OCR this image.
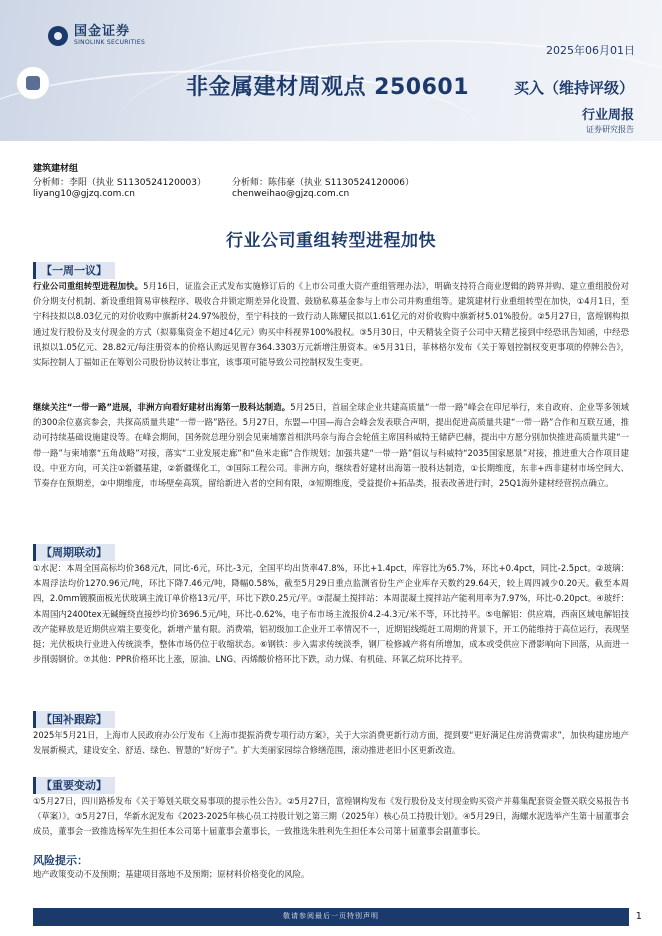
国金证券
SINOLINK SECURITIES
2025年06月01日
非金属建材周观点 250601	买入（维持评级）
行业周报
证券研究报告
建筑建材组
分析师：李阳（执业 S1130524120003）
liyang10@gjzq.com.cn
分析师：陈伟豪（执业 S1130524120006）
chenweihao@gjzq.com.cn
行业公司重组转型进程加快
【一周一议】
行业公司重组转型进程加快。5月16日，证监会正式发布实施修订后的《上市公司重大资产重组管理办法》，明确支持符合商业逻辑的跨界并购、建立重组股份对价分期支付机制、新设重组简易审核程序、吸收合并锁定期差异化设置、鼓励私募基金参与上市公司并购重组等。建筑建材行业重组转型在加快，①4月1日，至宁科技拟以8.03亿元的对价收购中旗新材24.97%股份，至宁科技的一致行动人陈耀民拟以1.61亿元的对价收购中旗新材5.01%股份。②5月27日，富煌钢构拟通过发行股份及支付现金的方式（拟募集资金不超过4亿元）购买中科视界100%股权。③5月30日，中天精装全资子公司中天精艺接到中经恐讯告知函，中经恐讯拟以1.05亿元、28.82元/每注册资本的价格认购远见智存364.3303万元新增注册资本。④5月31日，菲林格尔发布《关于筹划控制权变更事项的停牌公告》，实际控制人丁福如正在筹划公司股份协议转让事宜，该事项可能导致公司控制权发生变更。
继续关注“一带一路”进展，非洲方向看好建材出海第一股科达制造。5月25日，首届全球企业共建高质量“一带一路”峰会在印尼举行，来自政府、企业等多领域的300余位嘉宾参会，共探高质量共建“一带一路”路径。5月27日，东盟—中国—海合会峰会发表联合声明，提出促进高质量共建“一带一路”合作和互联互通，推动可持续基础设施建设等。在峰会期间，国务院总理分别会见柬埔寨首相洪玛奈与海合会轮值主席国科威特王储萨巴赫，提出中方愿分别加快推进高质量共建“一带一路”与柬埔寨“五角战略”对接，落实“工业发展走廊”和“鱼米走廊”合作规划；加强共建“一带一路”倡议与科威特“2035国家愿景”对接，推进重大合作项目建设。中亚方向，可关注①新疆基建，②新疆煤化工，③国际工程公司。非洲方向，继续看好建材出海第一股科达制造，①长期维度，东非+西非建材市场空间大、节奏存在预期差，②中期维度，市场壁垒高筑，留给新进入者的空间有限，③短期维度，受益提价+拓品类，报表改善进行时，25Q1海外建材经营拐点确立。
【周期联动】
①水泥：本周全国高标均价368元/t，同比-6元，环比-3元，全国平均出货率47.8%，环比+1.4pct，库容比为65.7%，环比+0.4pct，同比-2.5pct。②玻璃：本周浮法均价1270.96元/吨，环比下降7.46元/吨，降幅0.58%，截至5月29日重点监测省份生产企业库存天数约29.64天，较上周四减少0.20天。截至本周四，2.0mm镀膜面板光伏玻璃主流订单价格13元/平，环比下跌0.25元/平。③混凝土搅拌站：本周混凝土搅拌站产能利用率为7.97%，环比-0.20pct。④玻纤：本周国内2400tex无碱缠绕直接纱均价3696.5元/吨，环比-0.62%，电子布市场主流报价4.2-4.3元/米不等，环比持平。⑤电解铝：供应端，西南区域电解铝技改产能释放是近期供应端主要变化，新增产量有限。消费端，铝初级加工企业开工率情况不一，近期铝线缆赶工周期的背景下，开工仍能维持于高位运行，表现坚挺；光伏板块行业进入传统淡季，整体市场仍位于收缩状态。⑥钢铁：步入需求传统淡季，钢厂检修减产将有所增加，成本或受供应下滑影响向下回落，从而进一步削弱钢价。⑦其他：PPR价格环比上涨，原油、LNG、丙烯酸价格环比下跌，动力煤、有机硅、环氧乙烷环比持平。
【国补跟踪】
2025年5月21日，上海市人民政府办公厅发布《上海市提振消费专项行动方案》，关于大宗消费更新行动方面，提到要“更好满足住房消费需求”，加快构建房地产发展新模式，建设安全、舒适、绿色、智慧的“好房子”。扩大美丽家园综合修缮范围，滚动推进老旧小区更新改造。
【重要变动】
①5月27日，四川路桥发布《关于筹划关联交易事项的提示性公告》。②5月27日，富煌钢构发布《发行股份及支付现金购买资产并募集配套资金暨关联交易报告书（草案）》。③5月27日，华新水泥发布《2023-2025年核心员工持股计划之第三期（2025年）核心员工持股计划》。④5月29日，海螺水泥选举产生第十届董事会成员，董事会一致推选杨军先生担任本公司第十届董事会董事长，一致推选朱胜利先生担任本公司第十届董事会副董事长。
风险提示：
地产政策变动不及预期；基建项目落地不及预期；原材料价格变化的风险。
敬请参阅最后一页特别声明	1
